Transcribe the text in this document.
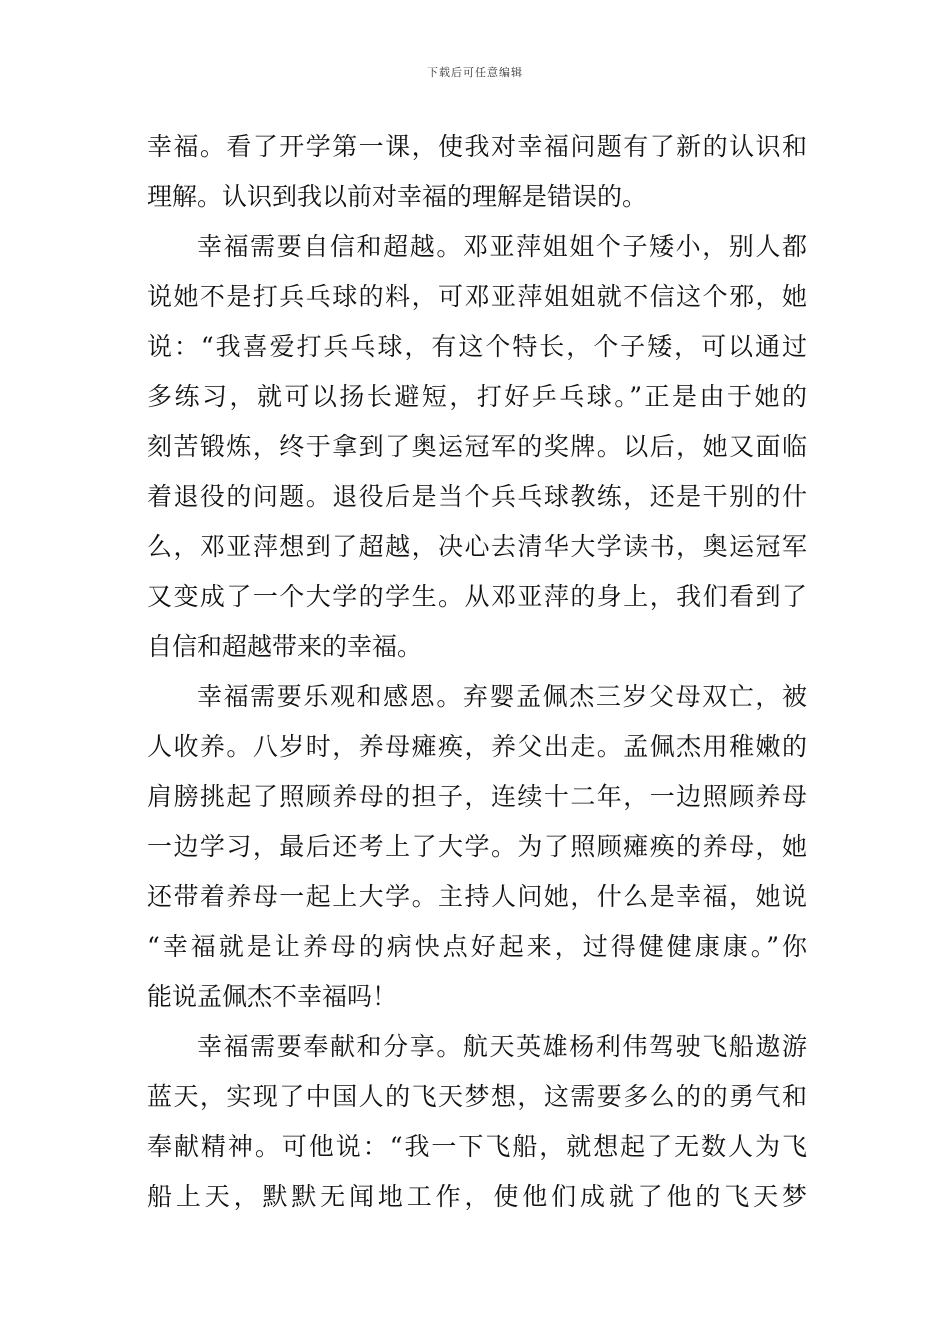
下载后可任意编辑
幸福。看了开学第一课，使我对幸福问题有了新的认识和
理解。认识到我以前对幸福的理解是错误的。
幸福需要自信和超越。邓亚萍姐姐个子矮小，别人都
说她不是打兵乓球的料，可邓亚萍姐姐就不信这个邪，她
说：“我喜爱打兵乓球，有这个特长，个子矮，可以通过
多练习，就可以扬长避短，打好乒乓球。”正是由于她的
刻苦锻炼，终于拿到了奥运冠军的奖牌。以后，她又面临
着退役的问题。退役后是当个兵乓球教练，还是干别的什
么，邓亚萍想到了超越，决心去清华大学读书，奥运冠军
又变成了一个大学的学生。从邓亚萍的身上，我们看到了
自信和超越带来的幸福。
幸福需要乐观和感恩。弃婴孟佩杰三岁父母双亡，被
人收养。八岁时，养母瘫痪，养父出走。孟佩杰用稚嫩的
肩膀挑起了照顾养母的担子，连续十二年，一边照顾养母
一边学习，最后还考上了大学。为了照顾瘫痪的养母，她
还带着养母一起上大学。主持人问她，什么是幸福，她说
“幸福就是让养母的病快点好起来，过得健健康康。”你
能说孟佩杰不幸福吗！
幸福需要奉献和分享。航天英雄杨利伟驾驶飞船遨游
蓝天，实现了中国人的飞天梦想，这需要多么的的勇气和
奉献精神。可他说：“我一下飞船，就想起了无数人为飞
船上天，默默无闻地工作，使他们成就了他的飞天梦
